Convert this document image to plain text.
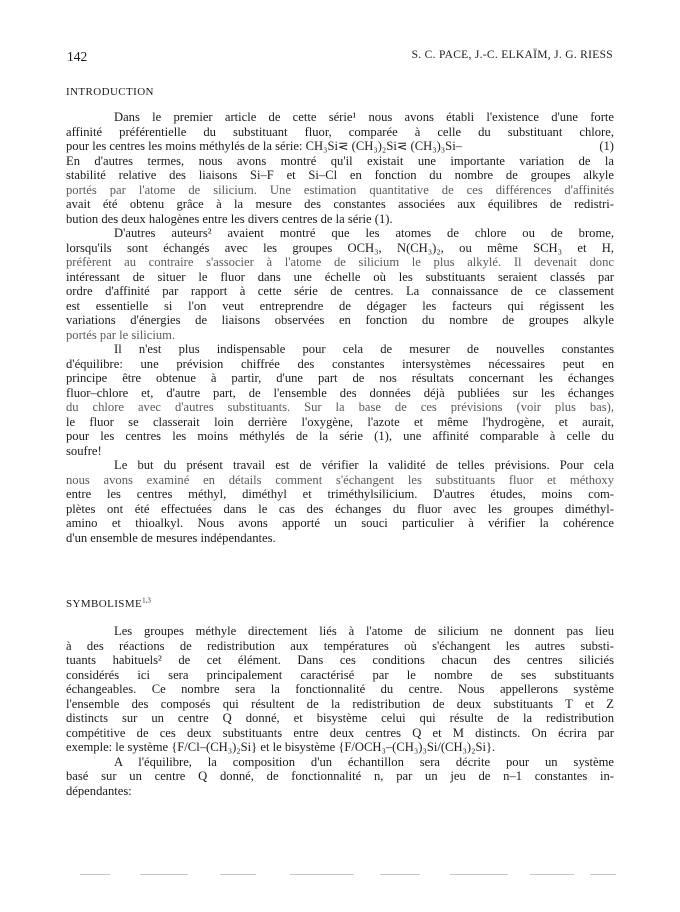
142	S. C. PACE, J.-C. ELKAÏM, J. G. RIESS
INTRODUCTION

Dans le premier article de cette série¹ nous avons établi l'existence d'une forte

affinité préférentielle du substituant fluor, comparée à celle du substituant chlore,

pour les centres les moins méthylés de la série: CH₃Si⋜ (CH₃)₂Si⋜ (CH₃)₃Si–	(1)

En d'autres termes, nous avons montré qu'il existait une importante variation de la

stabilité relative des liaisons Si–F et Si–Cl en fonction du nombre de groupes alkyle

portés par l'atome de silicium. Une estimation quantitative de ces différences d'affinités

avait été obtenu grâce à la mesure des constantes associées aux équilibres de redistri-

bution des deux halogènes entre les divers centres de la série (1).

D'autres auteurs² avaient montré que les atomes de chlore ou de brome,

lorsqu'ils sont échangés avec les groupes OCH₃, N(CH₃)₂, ou même SCH₃ et H,

préfèrent au contraire s'associer à l'atome de silicium le plus alkylé. Il devenait donc

intéressant de situer le fluor dans une échelle où les substituants seraient classés par

ordre d'affinité par rapport à cette série de centres. La connaissance de ce classement

est essentielle si l'on veut entreprendre de dégager les facteurs qui régissent les

variations d'énergies de liaisons observées en fonction du nombre de groupes alkyle

portés par le silicium.

Il n'est plus indispensable pour cela de mesurer de nouvelles constantes

d'équilibre: une prévision chiffrée des constantes intersystèmes nécessaires peut en

principe être obtenue à partir, d'une part de nos résultats concernant les échanges

fluor–chlore et, d'autre part, de l'ensemble des données déjà publiées sur les échanges

du chlore avec d'autres substituants. Sur la base de ces prévisions (voir plus bas),

le fluor se classerait loin derrière l'oxygène, l'azote et même l'hydrogène, et aurait,

pour les centres les moins méthylés de la série (1), une affinité comparable à celle du

soufre!

Le but du présent travail est de vérifier la validité de telles prévisions. Pour cela

nous avons examiné en détails comment s'échangent les substituants fluor et méthoxy

entre les centres méthyl, diméthyl et triméthylsilicium. D'autres études, moins com-

plètes ont été effectuées dans le cas des échanges du fluor avec les groupes diméthyl-

amino et thioalkyl. Nous avons apporté un souci particulier à vérifier la cohérence

d'un ensemble de mesures indépendantes.

SYMBOLISME$^{1,3}$

Les groupes méthyle directement liés à l'atome de silicium ne donnent pas lieu

à des réactions de redistribution aux températures où s'échangent les autres substi-

tuants habituels² de cet élément. Dans ces conditions chacun des centres siliciés

considérés ici sera principalement caractérisé par le nombre de ses substituants

échangeables. Ce nombre sera la fonctionnalité du centre. Nous appellerons système

l'ensemble des composés qui résultent de la redistribution de deux substituants T et Z

distincts sur un centre Q donné, et bisystème celui qui résulte de la redistribution

compétitive de ces deux substituants entre deux centres Q et M distincts. On écrira par

exemple: le système {F/Cl–(CH₃)₂Si} et le bisystème {F/OCH₃–(CH₃)₃Si/(CH₃)₂Si}.

A l'équilibre, la composition d'un échantillon sera décrite pour un système

basé sur un centre Q donné, de fonctionnalité n, par un jeu de n–1 constantes in-

dépendantes:
